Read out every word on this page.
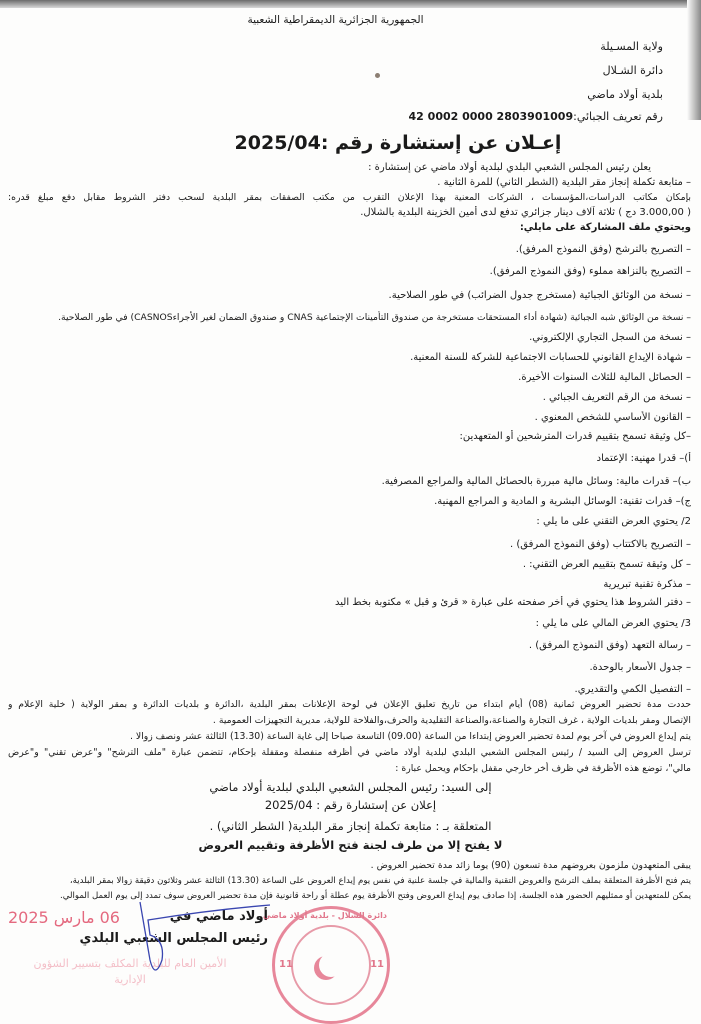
الجمهورية الجزائرية الديمقراطية الشعبية
ولاية المسـيلة
دائرة الشـلال
بلدية أولاد ماضي
رقم تعريف الجبائي:42 0002 0000 2803901009
إعـلان عن إستشارة رقم :2025/04
يعلن رئيس المجلس الشعبي البلدي لبلدية أولاد ماضي عن إستشارة :
– متابعة تكملة إنجاز مقر البلدية (الشطر الثاني) للمرة الثانية .
بإمكان مكاتب الدراسات،المؤسسات ، الشركات المعنية بهذا الإعلان التقرب من مكتب الصفقات بمقر البلدية لسحب دفتر الشروط مقابل دفع مبلغ قدره:
( 3.000,00 دج ) ثلاثة آلاف دينار جزائري تدفع لدى أمين الخزينة البلدية بالشلال.
ويحتوي ملف المشاركة على مايلي:
– التصريح بالترشح (وفق النموذج المرفق).
– التصريح بالنزاهة مملوء (وفق النموذج المرفق).
– نسخة من الوثائق الجبائية (مستخرج جدول الضرائب) في طور الصلاحية.
– نسخة من الوثائق شبه الجبائية (شهادة أداء المستحقات مستخرجة من صندوق التأمينات الإجتماعية CNAS و صندوق الضمان لغير الأجراءCASNOS) في طور الصلاحية.
– نسخة من السجل التجاري الإلكتروني.
– شهادة الإيداع القانوني للحسابات الاجتماعية للشركة للسنة المعنية.
– الحصائل المالية للثلاث السنوات الأخيرة.
– نسخة من الرقم التعريف الجبائي .
– القانون الأساسي للشخص المعنوي .
–كل وثيقة تسمح بتقييم قدرات المترشحين أو المتعهدين:
أ)– قدرا مهنية: الإعتماد
ب)– قدرات مالية: وسائل مالية مبررة بالحصائل المالية والمراجع المصرفية.
ج)– قدرات تقنية: الوسائل البشرية و المادية و المراجع المهنية.
2/ يحتوي العرض التقني على ما يلي :
– التصريح بالاكتتاب (وفق النموذج المرفق) .
– كل وثيقة تسمح بتقييم العرض التقني: .
– مذكرة تقنية تبريرية
– دفتر الشروط هذا يحتوي في أخر صفحته على عبارة « قرئ و قبل » مكتوبة بخط اليد
3/ يحتوي العرض المالي على ما يلي :
– رسالة التعهد (وفق النموذج المرفق) .
– جدول الأسعار بالوحدة.
– التفصيل الكمي والتقديري.
حددت مدة تحضير العروض ثمانية (08) أيام ابتداء من تاريخ تعليق الإعلان في لوحة الإعلانات بمقر البلدية ،الدائرة و بلديات الدائرة و بمقر الولاية ( خلية الإعلام و
الإتصال ومقر بلديات الولاية ، غرف التجارة والصناعة،والصناعة التقليدية والحرف،والفلاحة للولاية، مديرية التجهيزات العمومية .
يتم إيداع العروض في آخر يوم لمدة تحضير العروض إبتداءا من الساعة (09.00) التاسعة صباحا إلى غاية الساعة (13.30) الثالثة عشر ونصف زوالا .
ترسل العروض إلى السيد / رئيس المجلس الشعبي البلدي لبلدية أولاد ماضي في أظرفه منفصلة ومقفلة بإحكام، تتضمن عبارة "ملف الترشح" و"عرض تقني" و"عرض
مالي"، توضع هذه الأظرفة في ظرف أخر خارجي مقفل بإحكام ويحمل عبارة :
إلى السيد: رئيس المجلس الشعبي البلدي لبلدية أولاد ماضي
إعلان عن إستشارة رقم : 2025/04
المتعلقة بـ : متابعة تكملة إنجاز مقر البلدية( الشطر الثاني) .
لا يفتح إلا من طرف لجنة فتح الأظرفة وتقييم العروض
يبقى المتعهدون ملزمون بعروضهم مدة تسعون (90) يوما زائد مدة تحضير العروض .
يتم فتح الأظرفة المتعلقة بملف الترشح والعروض التقنية والمالية في جلسة علنية في نفس يوم إيداع العروض على الساعة (13.30) الثالثة عشر وثلاثون دقيقة زوالا بمقر البلدية،
يمكن للمتعهدين أو ممثليهم الحضور هذه الجلسة، إذا صادف يوم إيداع العروض وفتح الأظرفة يوم عطلة أو راحة قانونية فإن مدة تحضير العروض سوف تمدد إلى يوم العمل الموالي.
06 مارس 2025	أولاد ماضي في
رئيس المجلس الشعبي البلدي
الأمين العام للبلدية المكلف بتسيير الشؤون الإدارية
11	11
دائرة الشلال - بلدية أولاد ماضي
